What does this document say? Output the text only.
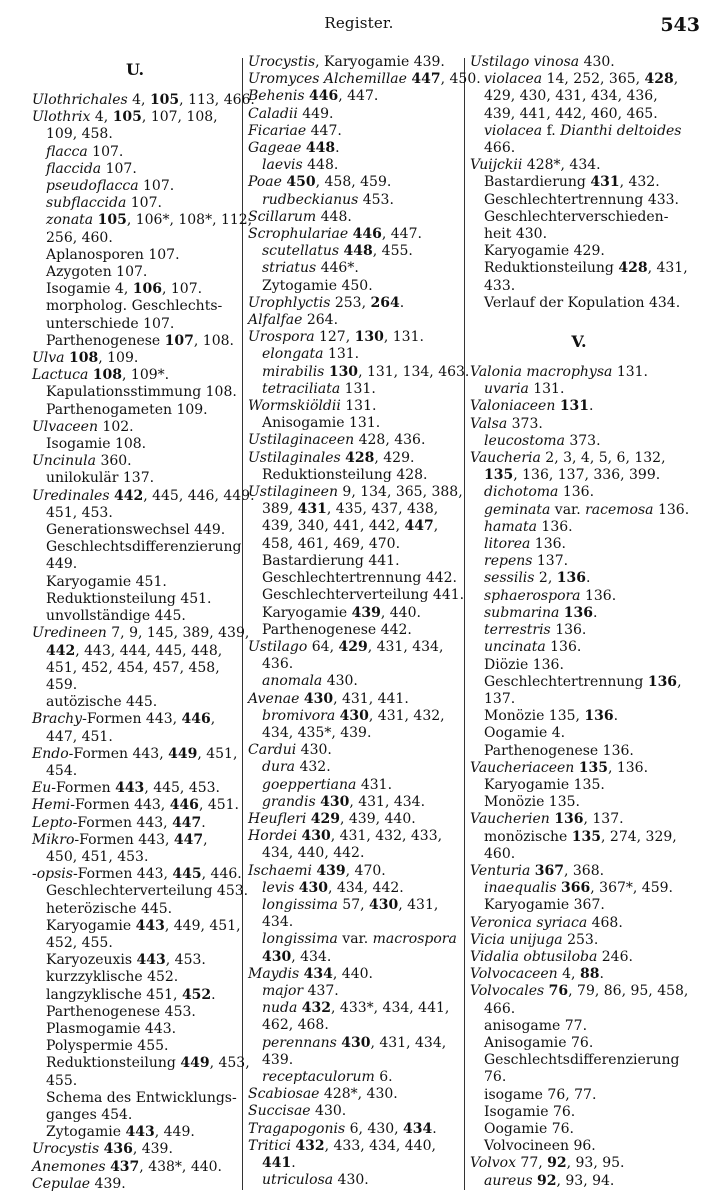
Register.	543
U.
Ulothrichales 4, 105, 113, 466.
Ulothrix 4, 105, 107, 108,
109, 458.
flacca 107.
flaccida 107.
pseudoflacca 107.
subflaccida 107.
zonata 105, 106*, 108*, 112,
256, 460.
Aplanosporen 107.
Azygoten 107.
Isogamie 4, 106, 107.
morpholog. Geschlechts-
unterschiede 107.
Parthenogenese 107, 108.
Ulva 108, 109.
Lactuca 108, 109*.
Kapulationsstimmung 108.
Parthenogameten 109.
Ulvaceen 102.
Isogamie 108.
Uncinula 360.
unilokulär 137.
Uredinales 442, 445, 446, 449.
451, 453.
Generationswechsel 449.
Geschlechtsdifferenzierung
449.
Karyogamie 451.
Reduktionsteilung 451.
unvollständige 445.
Uredineen 7, 9, 145, 389, 439,
442, 443, 444, 445, 448,
451, 452, 454, 457, 458,
459.
autözische 445.
Brachy-Formen 443, 446,
447, 451.
Endo-Formen 443, 449, 451,
454.
Eu-Formen 443, 445, 453.
Hemi-Formen 443, 446, 451.
Lepto-Formen 443, 447.
Mikro-Formen 443, 447,
450, 451, 453.
-opsis-Formen 443, 445, 446.
Geschlechterverteilung 453.
heterözische 445.
Karyogamie 443, 449, 451,
452, 455.
Karyozeuxis 443, 453.
kurzzyklische 452.
langzyklische 451, 452.
Parthenogenese 453.
Plasmogamie 443.
Polyspermie 455.
Reduktionsteilung 449, 453,
455.
Schema des Entwicklungs-
ganges 454.
Zytogamie 443, 449.
Urocystis 436, 439.
Anemones 437, 438*, 440.
Cepulae 439.
Urocystis, Karyogamie 439.
Uromyces Alchemillae 447, 450.
Behenis 446, 447.
Caladii 449.
Ficariae 447.
Gageae 448.
laevis 448.
Poae 450, 458, 459.
rudbeckianus 453.
Scillarum 448.
Scrophulariae 446, 447.
scutellatus 448, 455.
striatus 446*.
Zytogamie 450.
Urophlyctis 253, 264.
Alfalfae 264.
Urospora 127, 130, 131.
elongata 131.
mirabilis 130, 131, 134, 463.
tetraciliata 131.
Wormskiöldii 131.
Anisogamie 131.
Ustilaginaceen 428, 436.
Ustilaginales 428, 429.
Reduktionsteilung 428.
Ustilagineen 9, 134, 365, 388,
389, 431, 435, 437, 438,
439, 340, 441, 442, 447,
458, 461, 469, 470.
Bastardierung 441.
Geschlechtertrennung 442.
Geschlechterverteilung 441.
Karyogamie 439, 440.
Parthenogenese 442.
Ustilago 64, 429, 431, 434,
436.
anomala 430.
Avenae 430, 431, 441.
bromivora 430, 431, 432,
434, 435*, 439.
Cardui 430.
dura 432.
goeppertiana 431.
grandis 430, 431, 434.
Heufleri 429, 439, 440.
Hordei 430, 431, 432, 433,
434, 440, 442.
Ischaemi 439, 470.
levis 430, 434, 442.
longissima 57, 430, 431,
434.
longissima var. macrospora
430, 434.
Maydis 434, 440.
major 437.
nuda 432, 433*, 434, 441,
462, 468.
perennans 430, 431, 434,
439.
receptaculorum 6.
Scabiosae 428*, 430.
Succisae 430.
Tragapogonis 6, 430, 434.
Tritici 432, 433, 434, 440,
441.
utriculosa 430.
Ustilago vinosa 430.
violacea 14, 252, 365, 428,
429, 430, 431, 434, 436,
439, 441, 442, 460, 465.
violacea f. Dianthi deltoides
466.
Vuijckii 428*, 434.
Bastardierung 431, 432.
Geschlechtertrennung 433.
Geschlechterverschieden-
heit 430.
Karyogamie 429.
Reduktionsteilung 428, 431,
433.
Verlauf der Kopulation 434.
V.
Valonia macrophysa 131.
uvaria 131.
Valoniaceen 131.
Valsa 373.
leucostoma 373.
Vaucheria 2, 3, 4, 5, 6, 132,
135, 136, 137, 336, 399.
dichotoma 136.
geminata var. racemosa 136.
hamata 136.
litorea 136.
repens 137.
sessilis 2, 136.
sphaerospora 136.
submarina 136.
terrestris 136.
uncinata 136.
Diözie 136.
Geschlechtertrennung 136,
137.
Monözie 135, 136.
Oogamie 4.
Parthenogenese 136.
Vaucheriaceen 135, 136.
Karyogamie 135.
Monözie 135.
Vaucherien 136, 137.
monözische 135, 274, 329,
460.
Venturia 367, 368.
inaequalis 366, 367*, 459.
Karyogamie 367.
Veronica syriaca 468.
Vicia unijuga 253.
Vidalia obtusiloba 246.
Volvocaceen 4, 88.
Volvocales 76, 79, 86, 95, 458,
466.
anisogame 77.
Anisogamie 76.
Geschlechtsdifferenzierung
76.
isogame 76, 77.
Isogamie 76.
Oogamie 76.
Volvocineen 96.
Volvox 77, 92, 93, 95.
aureus 92, 93, 94.
